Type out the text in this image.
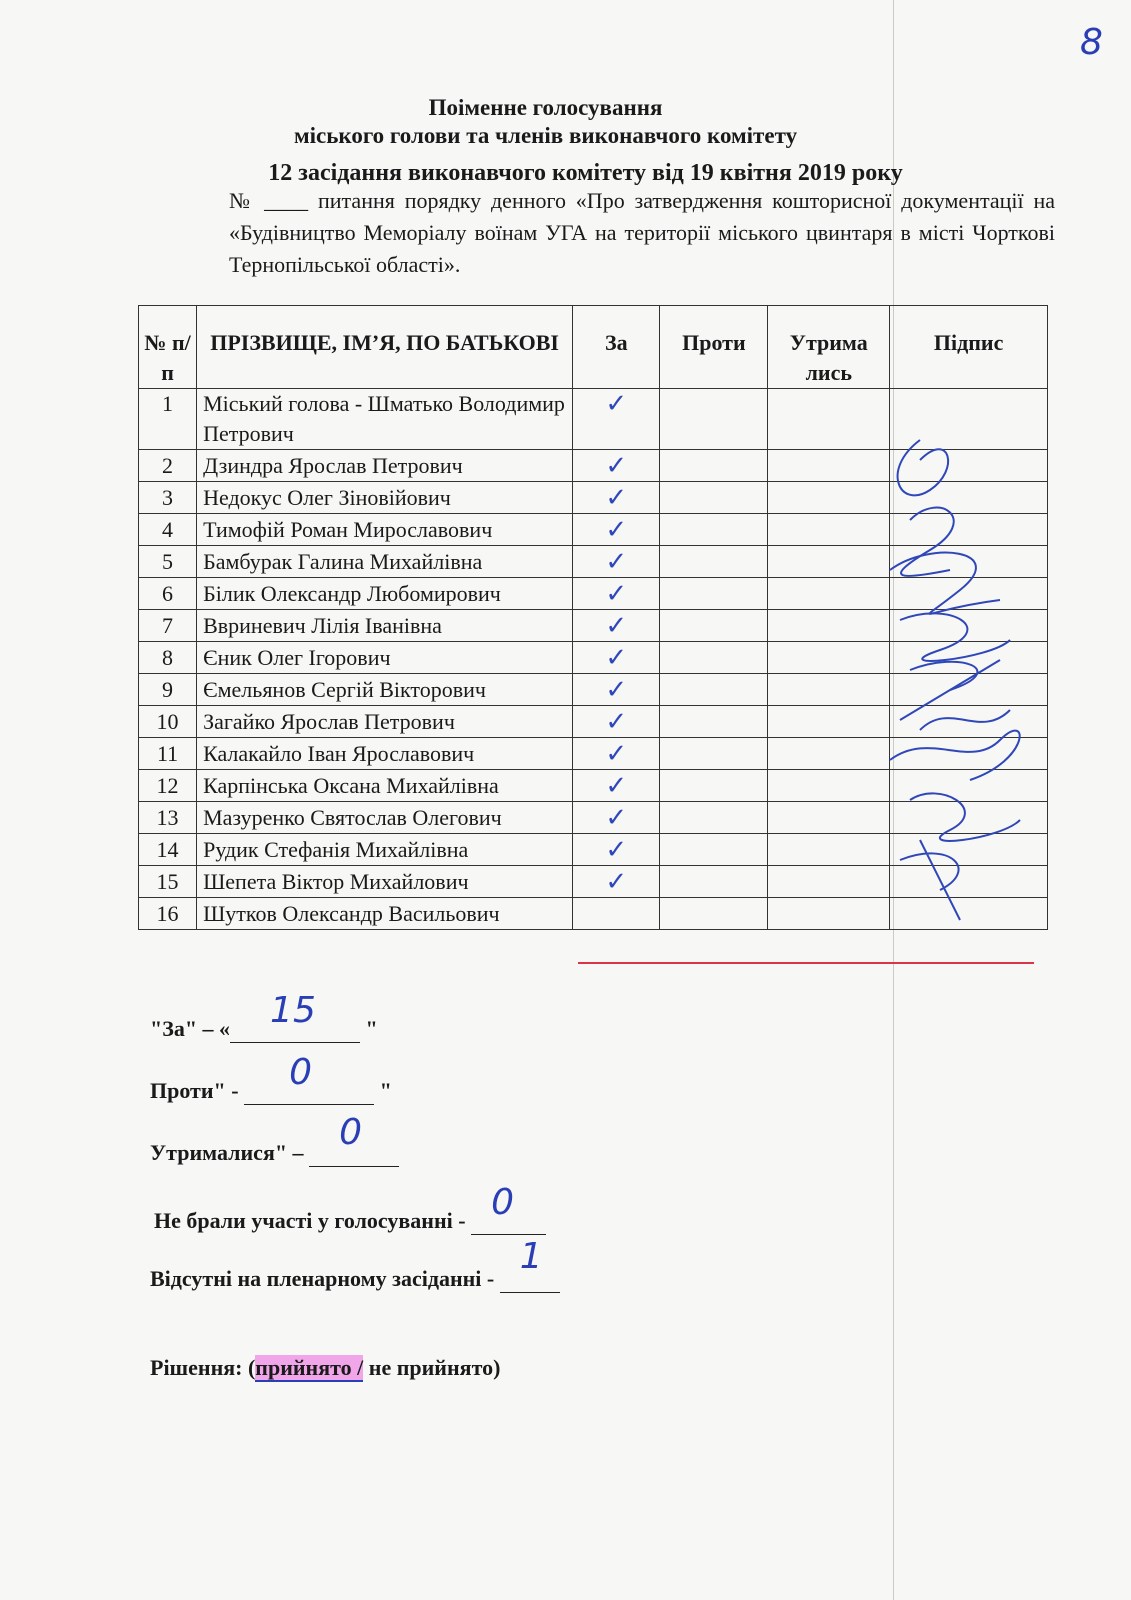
8
Поіменне голосування
міського голови та членів виконавчого комітету
12 засідання виконавчого комітету від 19 квітня 2019 року
№ ____ питання порядку денного «Про затвердження кошторисної документації на «Будівництво Меморіалу воїнам УГА на території міського цвинтаря в місті Чорткові Тернопільської області».
№ п/ п	ПРІЗВИЩЕ, ІМ’Я, ПО БАТЬКОВІ	За	Проти	Утрима лись	Підпис
1	Міський голова - Шматько Володимир Петрович	✓			
2	Дзиндра Ярослав Петрович	✓			
3	Недокус Олег Зіновійович	✓			
4	Тимофій Роман Мирославович	✓			
5	Бамбурак Галина Михайлівна	✓			
6	Білик Олександр Любомирович	✓			
7	Ввриневич Лілія Іванівна	✓			
8	Єник Олег Ігорович	✓			
9	Ємельянов Сергій Вікторович	✓			
10	Загайко Ярослав Петрович	✓			
11	Калакайло Іван Ярославович	✓			
12	Карпінська Оксана Михайлівна	✓			
13	Мазуренко Святослав Олегович	✓			
14	Рудик Стефанія Михайлівна	✓			
15	Шепета Віктор Михайлович	✓			
16	Шутков Олександр Васильович				
"За" – « 15 "
Проти" - 0	"
Утрималися" – 0

Не брали участі у голосуванні - 0

Відсутні на пленарному засіданні -
1

Рішення: (прийнято / не прийнято)
